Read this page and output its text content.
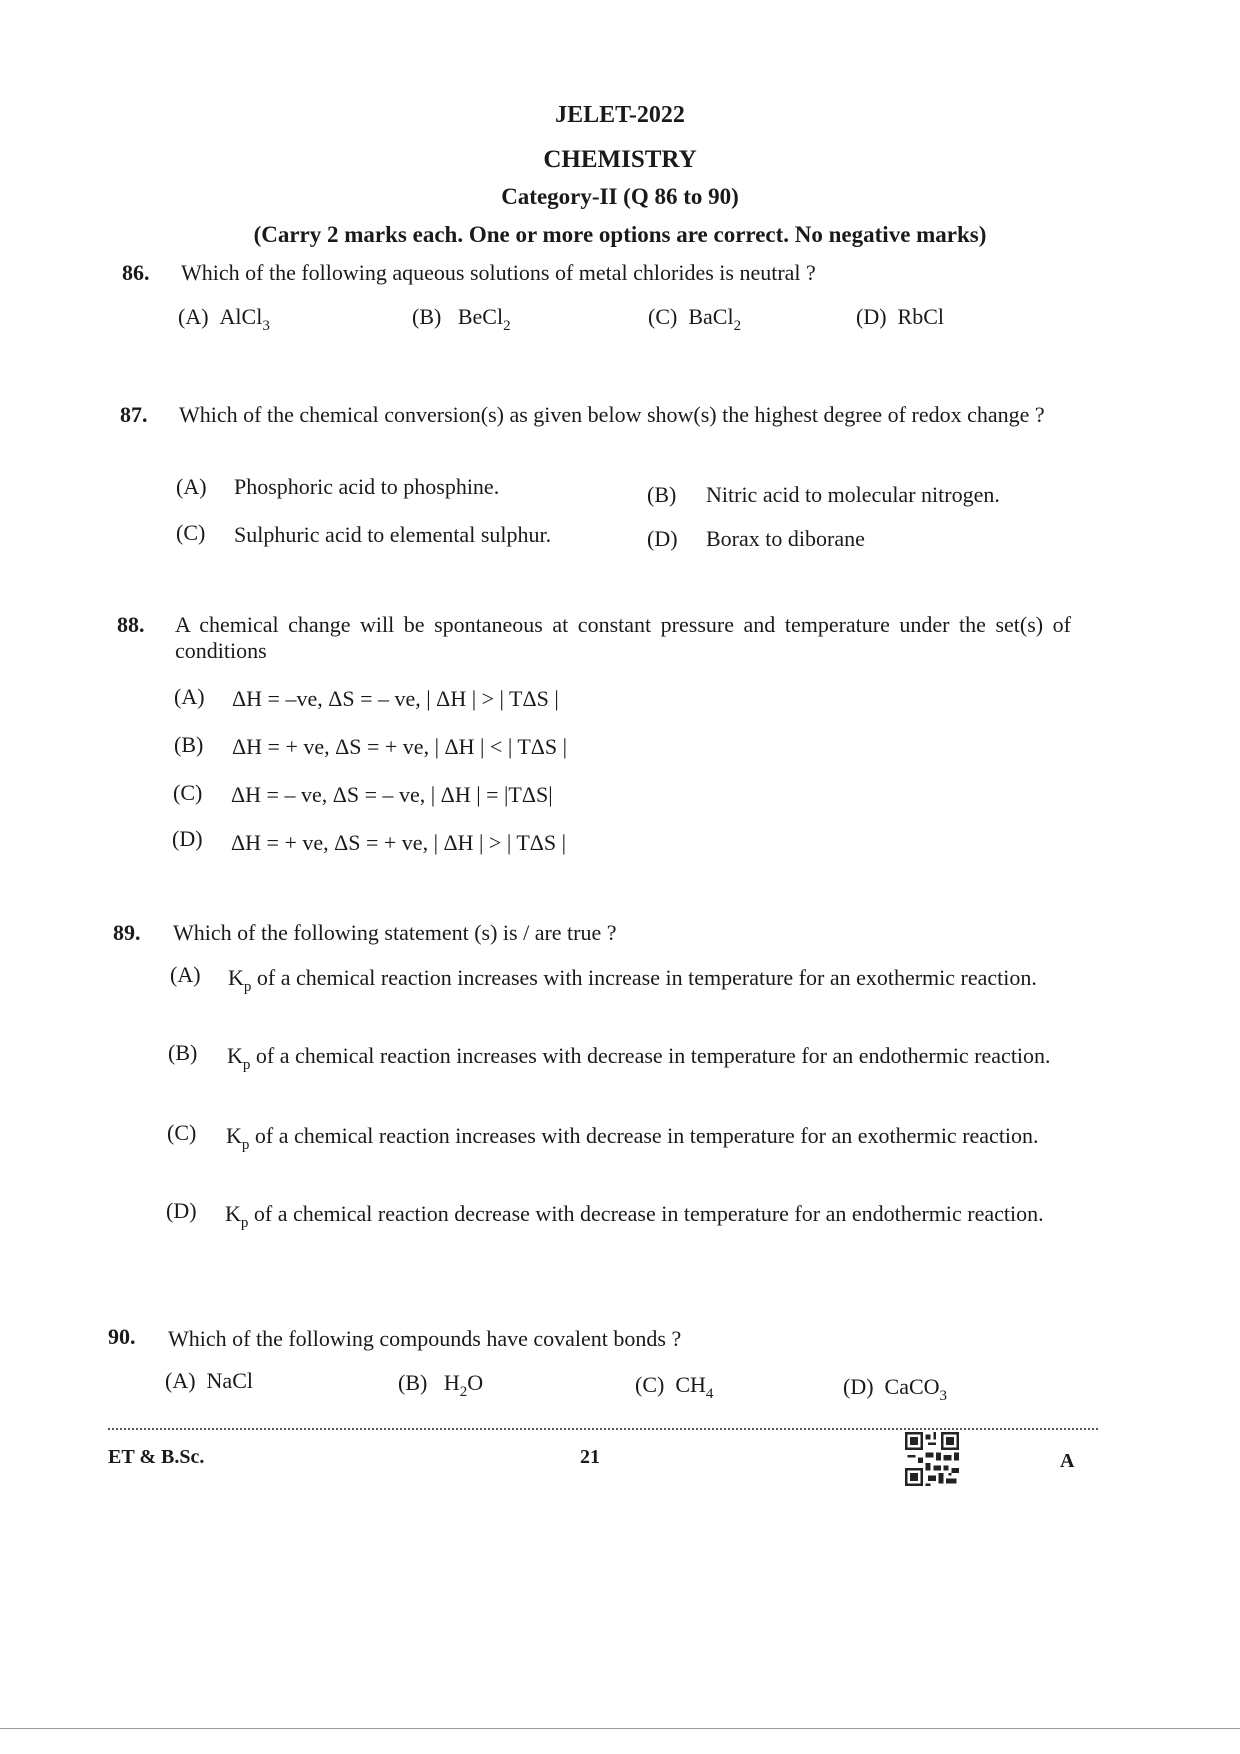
JELET-2022
CHEMISTRY
Category-II (Q 86 to 90)
(Carry 2 marks each. One or more options are correct. No negative marks)
86. Which of the following aqueous solutions of metal chlorides is neutral ?
(A) AlCl$_3$	(B) BeCl$_2$	(C) BaCl$_2$	(D) RbCl
87. Which of the chemical conversion(s) as given below show(s) the highest degree of redox change ?
(A) Phosphoric acid to phosphine.	(B) Nitric acid to molecular nitrogen.
(C) Sulphuric acid to elemental sulphur.	(D) Borax to diborane
88. A chemical change will be spontaneous at constant pressure and temperature under the set(s) of conditions
(A) ΔH = –ve, ΔS = – ve, | ΔH | > | TΔS |
(B) ΔH = + ve, ΔS = + ve, | ΔH | < | TΔS |
(C) ΔH = – ve, ΔS = – ve, | ΔH | = |TΔS|
(D) ΔH = + ve, ΔS = + ve, | ΔH | > | TΔS |
89. Which of the following statement (s) is / are true ?
(A) $K_p$ of a chemical reaction increases with increase in temperature for an exothermic reaction.
(B) $K_p$ of a chemical reaction increases with decrease in temperature for an endothermic reaction.
(C) $K_p$ of a chemical reaction increases with decrease in temperature for an exothermic reaction.
(D) $K_p$ of a chemical reaction decrease with decrease in temperature for an endothermic reaction.
90. Which of the following compounds have covalent bonds ?
(A) NaCl	(B) $H_2O$	(C) $CH_4$	(D) CaCO$_3$
ET & B.Sc.	21	A
